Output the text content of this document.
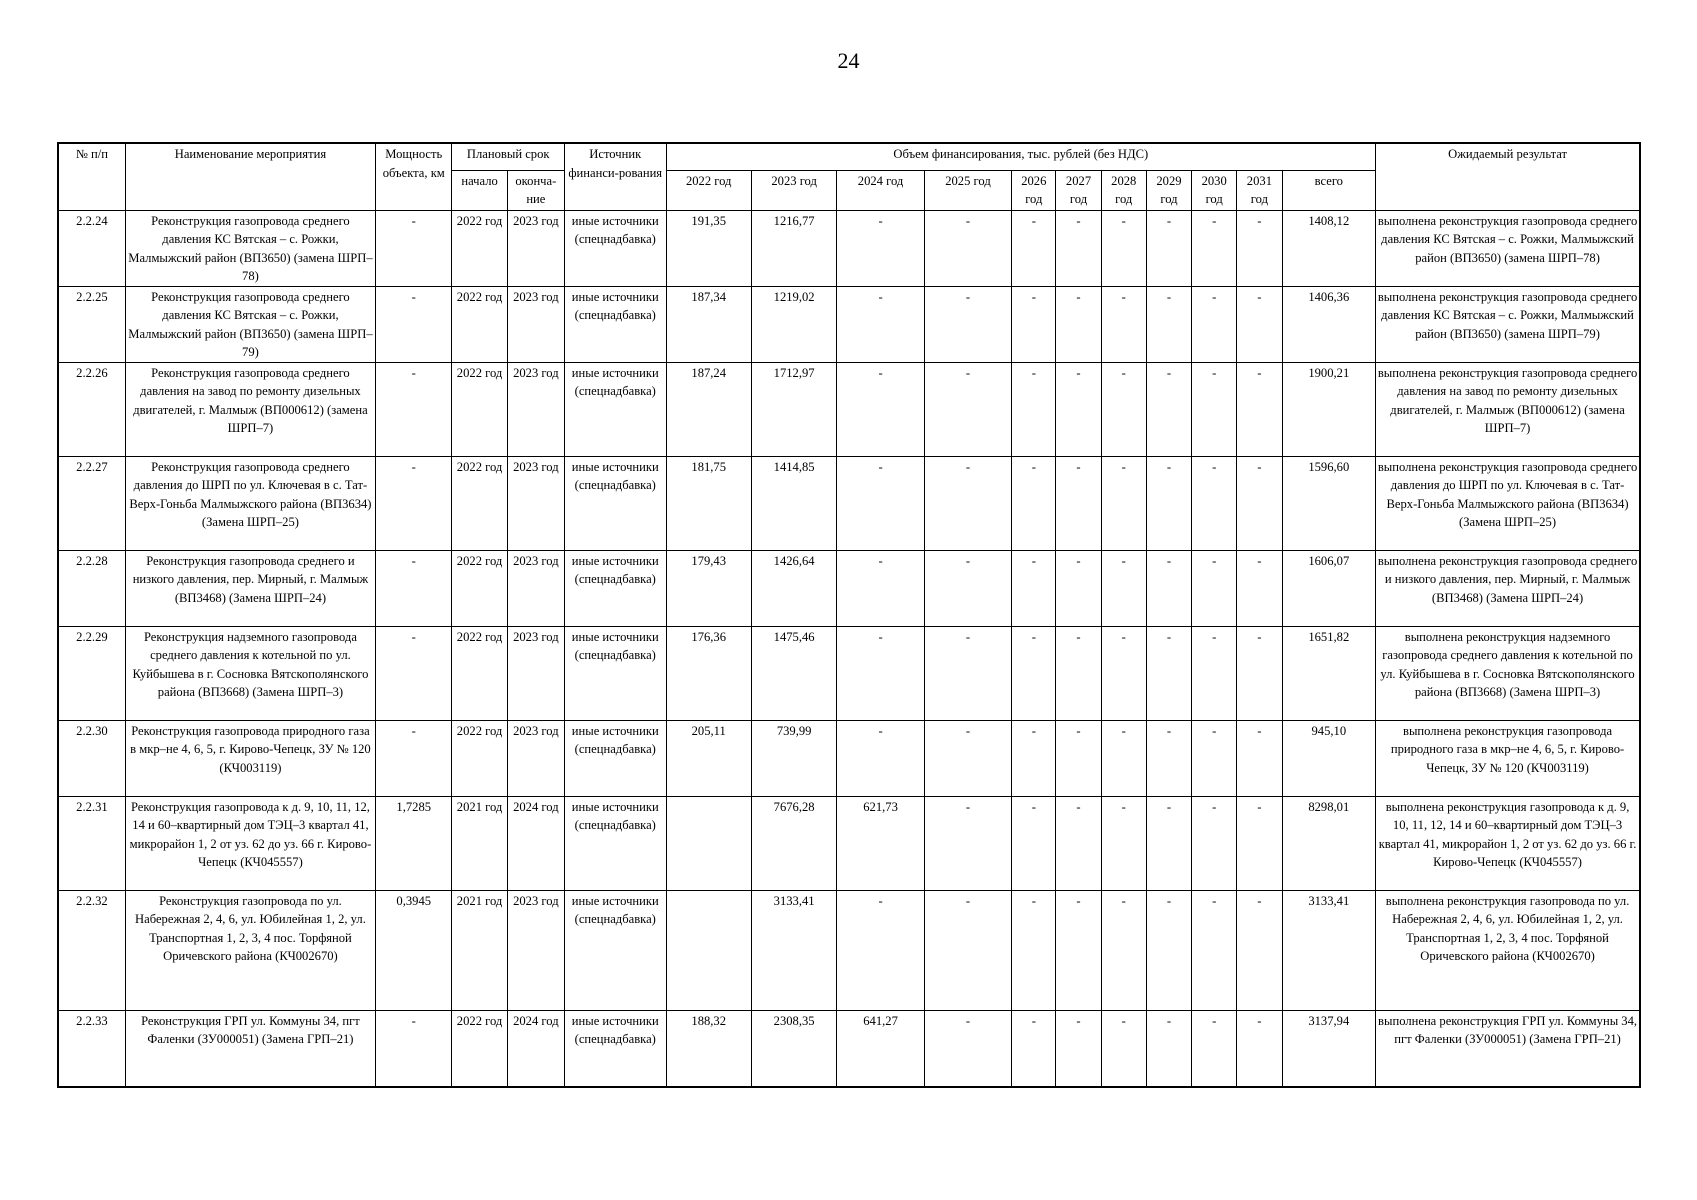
24
№ п/п	Наименование мероприятия	Мощность объекта, км	Плановый срок		Источник финанси-рования	Объем финансирования, тыс. рублей (без НДС)											Ожидаемый результат
			начало	оконча-ние		2022 год	2023 год	2024 год	2025 год	2026 год	2027 год	2028 год	2029 год	2030 год	2031 год	всего	
2.2.24	Реконструкция газопровода среднего давления КС Вятская – с. Рожки, Малмыжский район (ВП3650) (замена ШРП–78)	-	2022 год	2023 год	иные источники (спецнадбавка)	191,35	1216,77	-	-	-	-	-	-	-	-	1408,12	выполнена реконструкция газопровода среднего давления КС Вятская – с. Рожки, Малмыжский район (ВП3650) (замена ШРП–78)
2.2.25	Реконструкция газопровода среднего давления КС Вятская – с. Рожки, Малмыжский район (ВП3650) (замена ШРП–79)	-	2022 год	2023 год	иные источники (спецнадбавка)	187,34	1219,02	-	-	-	-	-	-	-	-	1406,36	выполнена реконструкция газопровода среднего давления КС Вятская – с. Рожки, Малмыжский район (ВП3650) (замена ШРП–79)
2.2.26	Реконструкция газопровода среднего давления на завод по ремонту дизельных двигателей, г. Малмыж (ВП000612) (замена ШРП–7)	-	2022 год	2023 год	иные источники (спецнадбавка)	187,24	1712,97	-	-	-	-	-	-	-	-	1900,21	выполнена реконструкция газопровода среднего давления на завод по ремонту дизельных двигателей, г. Малмыж (ВП000612) (замена ШРП–7)
2.2.27	Реконструкция газопровода среднего давления до ШРП по ул. Ключевая в с. Тат-Верх-Гоньба Малмыжского района (ВП3634) (Замена ШРП–25)	-	2022 год	2023 год	иные источники (спецнадбавка)	181,75	1414,85	-	-	-	-	-	-	-	-	1596,60	выполнена реконструкция газопровода среднего давления до ШРП по ул. Ключевая в с. Тат-Верх-Гоньба Малмыжского района (ВП3634) (Замена ШРП–25)
2.2.28	Реконструкция газопровода среднего и низкого давления, пер. Мирный, г. Малмыж (ВП3468) (Замена ШРП–24)	-	2022 год	2023 год	иные источники (спецнадбавка)	179,43	1426,64	-	-	-	-	-	-	-	-	1606,07	выполнена реконструкция газопровода среднего и низкого давления, пер. Мирный, г. Малмыж (ВП3468) (Замена ШРП–24)
2.2.29	Реконструкция надземного газопровода среднего давления к котельной по ул. Куйбышева в г. Сосновка Вятскополянского района (ВП3668) (Замена ШРП–3)	-	2022 год	2023 год	иные источники (спецнадбавка)	176,36	1475,46	-	-	-	-	-	-	-	-	1651,82	выполнена реконструкция надземного газопровода среднего давления к котельной по ул. Куйбышева в г. Сосновка Вятскополянского района (ВП3668) (Замена ШРП–3)
2.2.30	Реконструкция газопровода природного газа в мкр–не 4, 6, 5, г. Кирово-Чепецк, ЗУ № 120 (КЧ003119)	-	2022 год	2023 год	иные источники (спецнадбавка)	205,11	739,99	-	-	-	-	-	-	-	-	945,10	выполнена реконструкция газопровода природного газа в мкр–не 4, 6, 5, г. Кирово-Чепецк, ЗУ № 120 (КЧ003119)
2.2.31	Реконструкция газопровода к д. 9, 10, 11, 12, 14 и 60–квартирный дом ТЭЦ–3 квартал 41, микрорайон 1, 2 от уз. 62 до уз. 66 г. Кирово-Чепецк (КЧ045557)	1,7285	2021 год	2024 год	иные источники (спецнадбавка)		7676,28	621,73	-	-	-	-	-	-	-	8298,01	выполнена реконструкция газопровода к д. 9, 10, 11, 12, 14 и 60–квартирный дом ТЭЦ–3 квартал 41, микрорайон 1, 2 от уз. 62 до уз. 66 г. Кирово-Чепецк (КЧ045557)
2.2.32	Реконструкция газопровода по ул. Набережная 2, 4, 6, ул. Юбилейная 1, 2, ул. Транспортная 1, 2, 3, 4 пос. Торфяной Оричевского района (КЧ002670)	0,3945	2021 год	2023 год	иные источники (спецнадбавка)		3133,41	-	-	-	-	-	-	-	-	3133,41	выполнена реконструкция газопровода по ул. Набережная 2, 4, 6, ул. Юбилейная 1, 2, ул. Транспортная 1, 2, 3, 4 пос. Торфяной Оричевского района (КЧ002670)
2.2.33	Реконструкция ГРП ул. Коммуны 34, пгт Фаленки (ЗУ000051) (Замена ГРП–21)	-	2022 год	2024 год	иные источники (спецнадбавка)	188,32	2308,35	641,27	-	-	-	-	-	-	-	3137,94	выполнена реконструкция ГРП ул. Коммуны 34, пгт Фаленки (ЗУ000051) (Замена ГРП–21)
